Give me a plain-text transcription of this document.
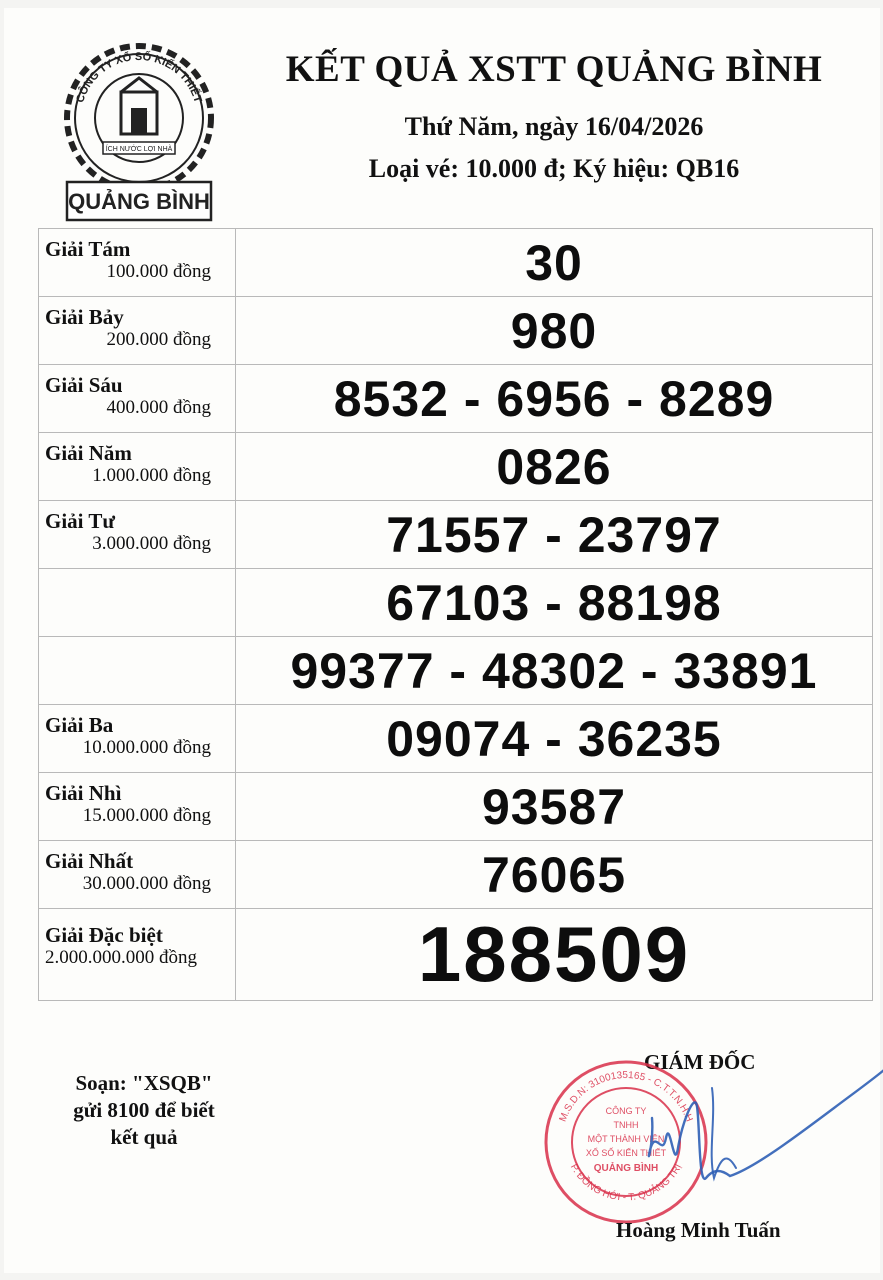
CÔNG TY XỔ SỐ KIẾN THIẾT
ÍCH NƯỚC LỢI NHÀ
QUẢNG BÌNH
KẾT QUẢ XSTT QUẢNG BÌNH
Thứ Năm, ngày 16/04/2026
Loại vé: 10.000 đ; Ký hiệu: QB16
Giải Tám
100.000 đồng	30

Giải Bảy
200.000 đồng	980

Giải Sáu
400.000 đồng	8532 - 6956 - 8289

Giải Năm
1.000.000 đồng	0826

Giải Tư
3.000.000 đồng	71557 - 23797

	67103 - 88198

	99377 - 48302 - 33891

Giải Ba
10.000.000 đồng	09074 - 36235

Giải Nhì
15.000.000 đồng	93587

Giải Nhất
30.000.000 đồng	76065

Giải Đặc biệt
2.000.000.000 đồng	188509
Soạn: "XSQB"
gửi 8100 để biết
kết quả
GIÁM ĐỐC
M.S.D.N: 3100135165 - C.T.T.N.H.H
P. ĐỒNG HỚI - T. QUẢNG TRỊ
CÔNG TY
TNHH
MỘT THÀNH VIÊN
XỔ SỐ KIẾN THIẾT
QUẢNG BÌNH
Hoàng Minh Tuấn
